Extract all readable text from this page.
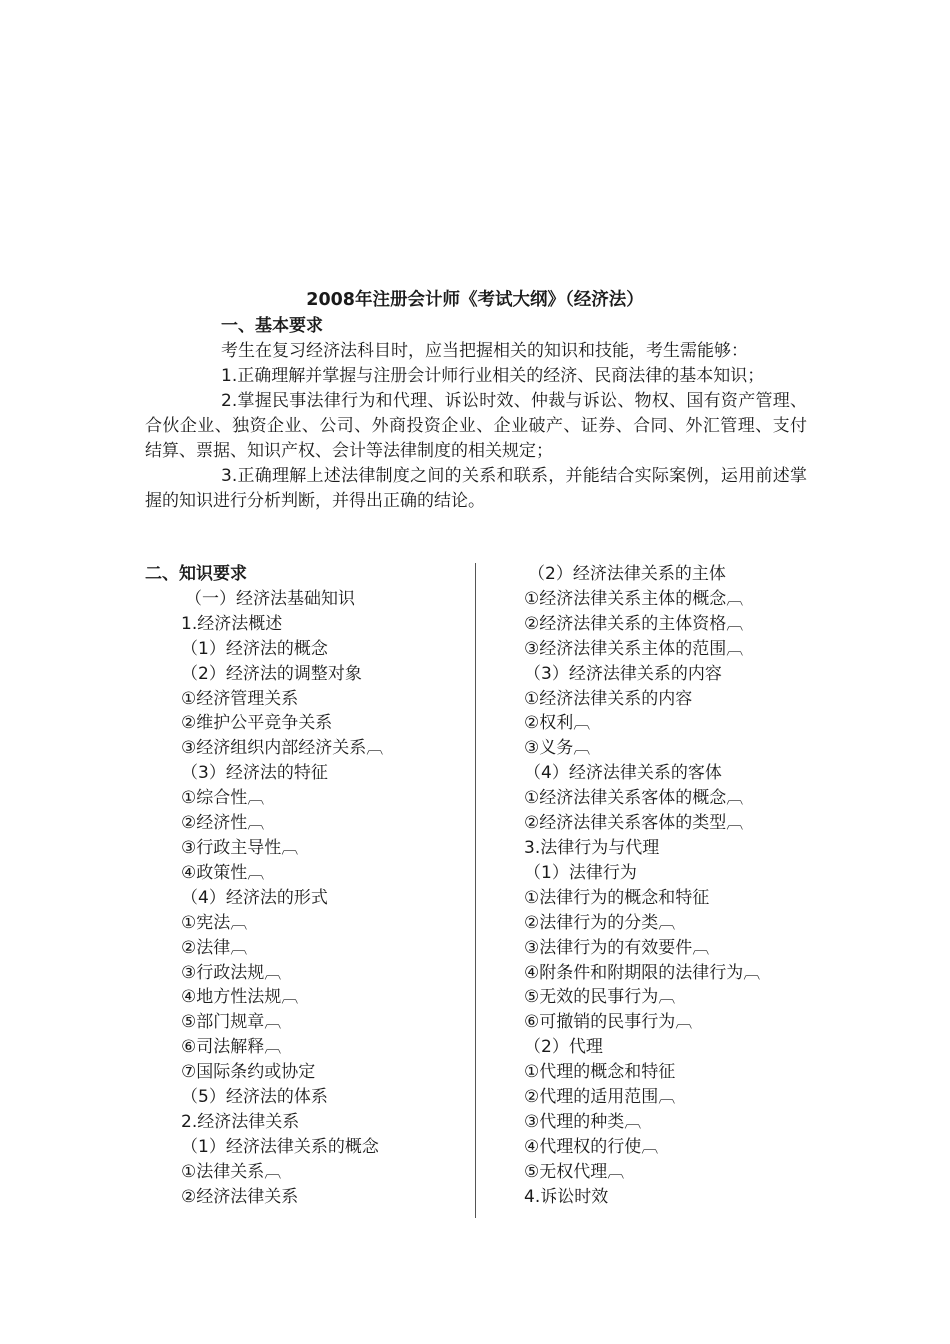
2008年注册会计师《考试大纲》（经济法）

一、基本要求

考生在复习经济法科目时，应当把握相关的知识和技能，考生需能够：

1.正确理解并掌握与注册会计师行业相关的经济、民商法律的基本知识；

2.掌握民事法律行为和代理、诉讼时效、仲裁与诉讼、物权、国有资产管理、合伙企业、独资企业、公司、外商投资企业、企业破产、证券、合同、外汇管理、支付结算、票据、知识产权、会计等法律制度的相关规定；

3.正确理解上述法律制度之间的关系和联系，并能结合实际案例，运用前述掌握的知识进行分析判断，并得出正确的结论。

二、知识要求

（一）经济法基础知识

1.经济法概述

（1）经济法的概念

（2）经济法的调整对象

①经济管理关系

②维护公平竞争关系

③经济组织内部经济关系︹

（3）经济法的特征

①综合性︹

②经济性︹

③行政主导性︹

④政策性︹

（4）经济法的形式

①宪法︹

②法律︹

③行政法规︹

④地方性法规︹

⑤部门规章︹

⑥司法解释︹

⑦国际条约或协定

（5）经济法的体系

2.经济法律关系

（1）经济法律关系的概念

①法律关系︹

②经济法律关系

（2）经济法律关系的主体

①经济法律关系主体的概念︹

②经济法律关系的主体资格︹

③经济法律关系主体的范围︹

（3）经济法律关系的内容

①经济法律关系的内容

②权利︹

③义务︹

（4）经济法律关系的客体

①经济法律关系客体的概念︹

②经济法律关系客体的类型︹

3.法律行为与代理

（1）法律行为

①法律行为的概念和特征

②法律行为的分类︹

③法律行为的有效要件︹

④附条件和附期限的法律行为︹

⑤无效的民事行为︹

⑥可撤销的民事行为︹

（2）代理

①代理的概念和特征

②代理的适用范围︹

③代理的种类︹

④代理权的行使︹

⑤无权代理︹

4.诉讼时效
